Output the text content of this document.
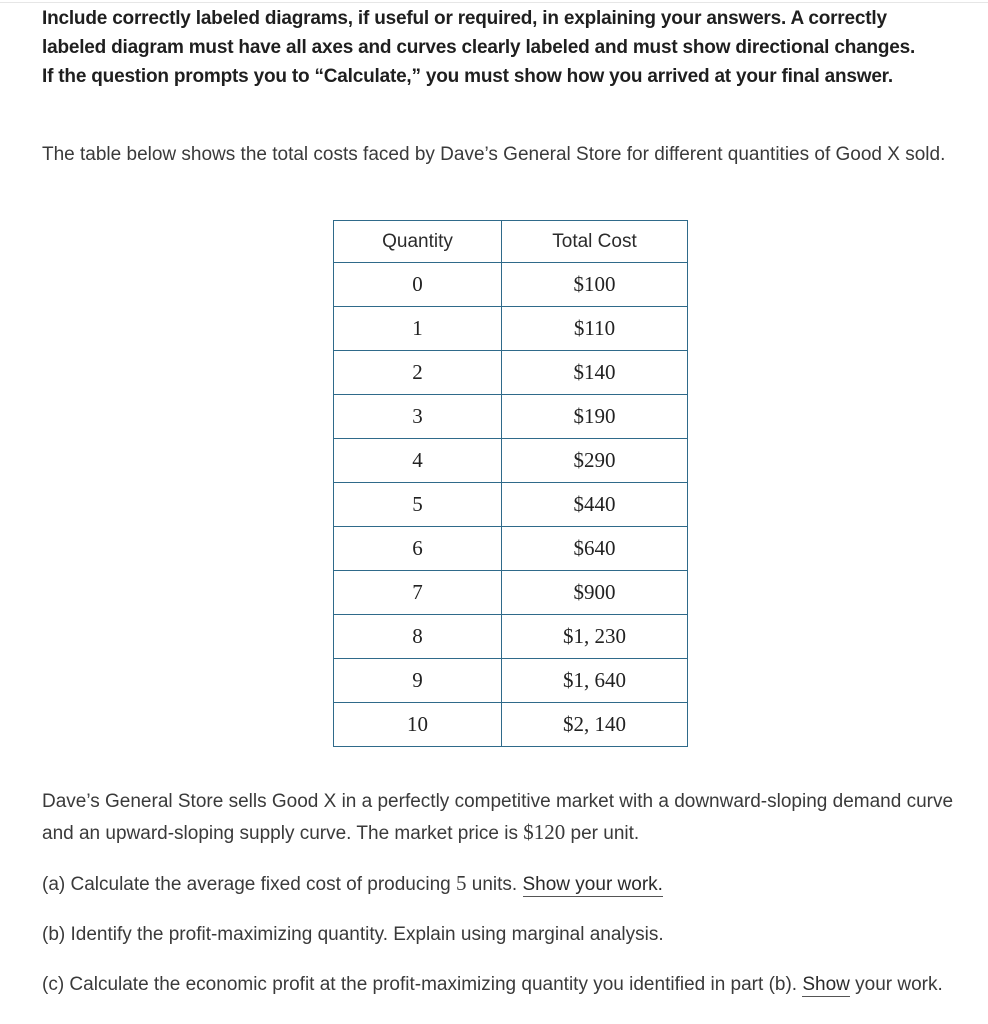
Include correctly labeled diagrams, if useful or required, in explaining your answers. A correctly

labeled diagram must have all axes and curves clearly labeled and must show directional changes.

If the question prompts you to “Calculate,” you must show how you arrived at your final answer.

The table below shows the total costs faced by Dave’s General Store for different quantities of Good X sold.

Quantity	Total Cost
0	$100
1	$110
2	$140
3	$190
4	$290
5	$440
6	$640
7	$900
8	$1, 230
9	$1, 640
10	$2, 140

Dave’s General Store sells Good X in a perfectly competitive market with a downward-sloping demand curve and an upward-sloping supply curve. The market price is $120 per unit.

(a) Calculate the average fixed cost of producing 5 units. Show your work.

(b) Identify the profit-maximizing quantity. Explain using marginal analysis.

(c) Calculate the economic profit at the profit-maximizing quantity you identified in part (b). Show your work.
